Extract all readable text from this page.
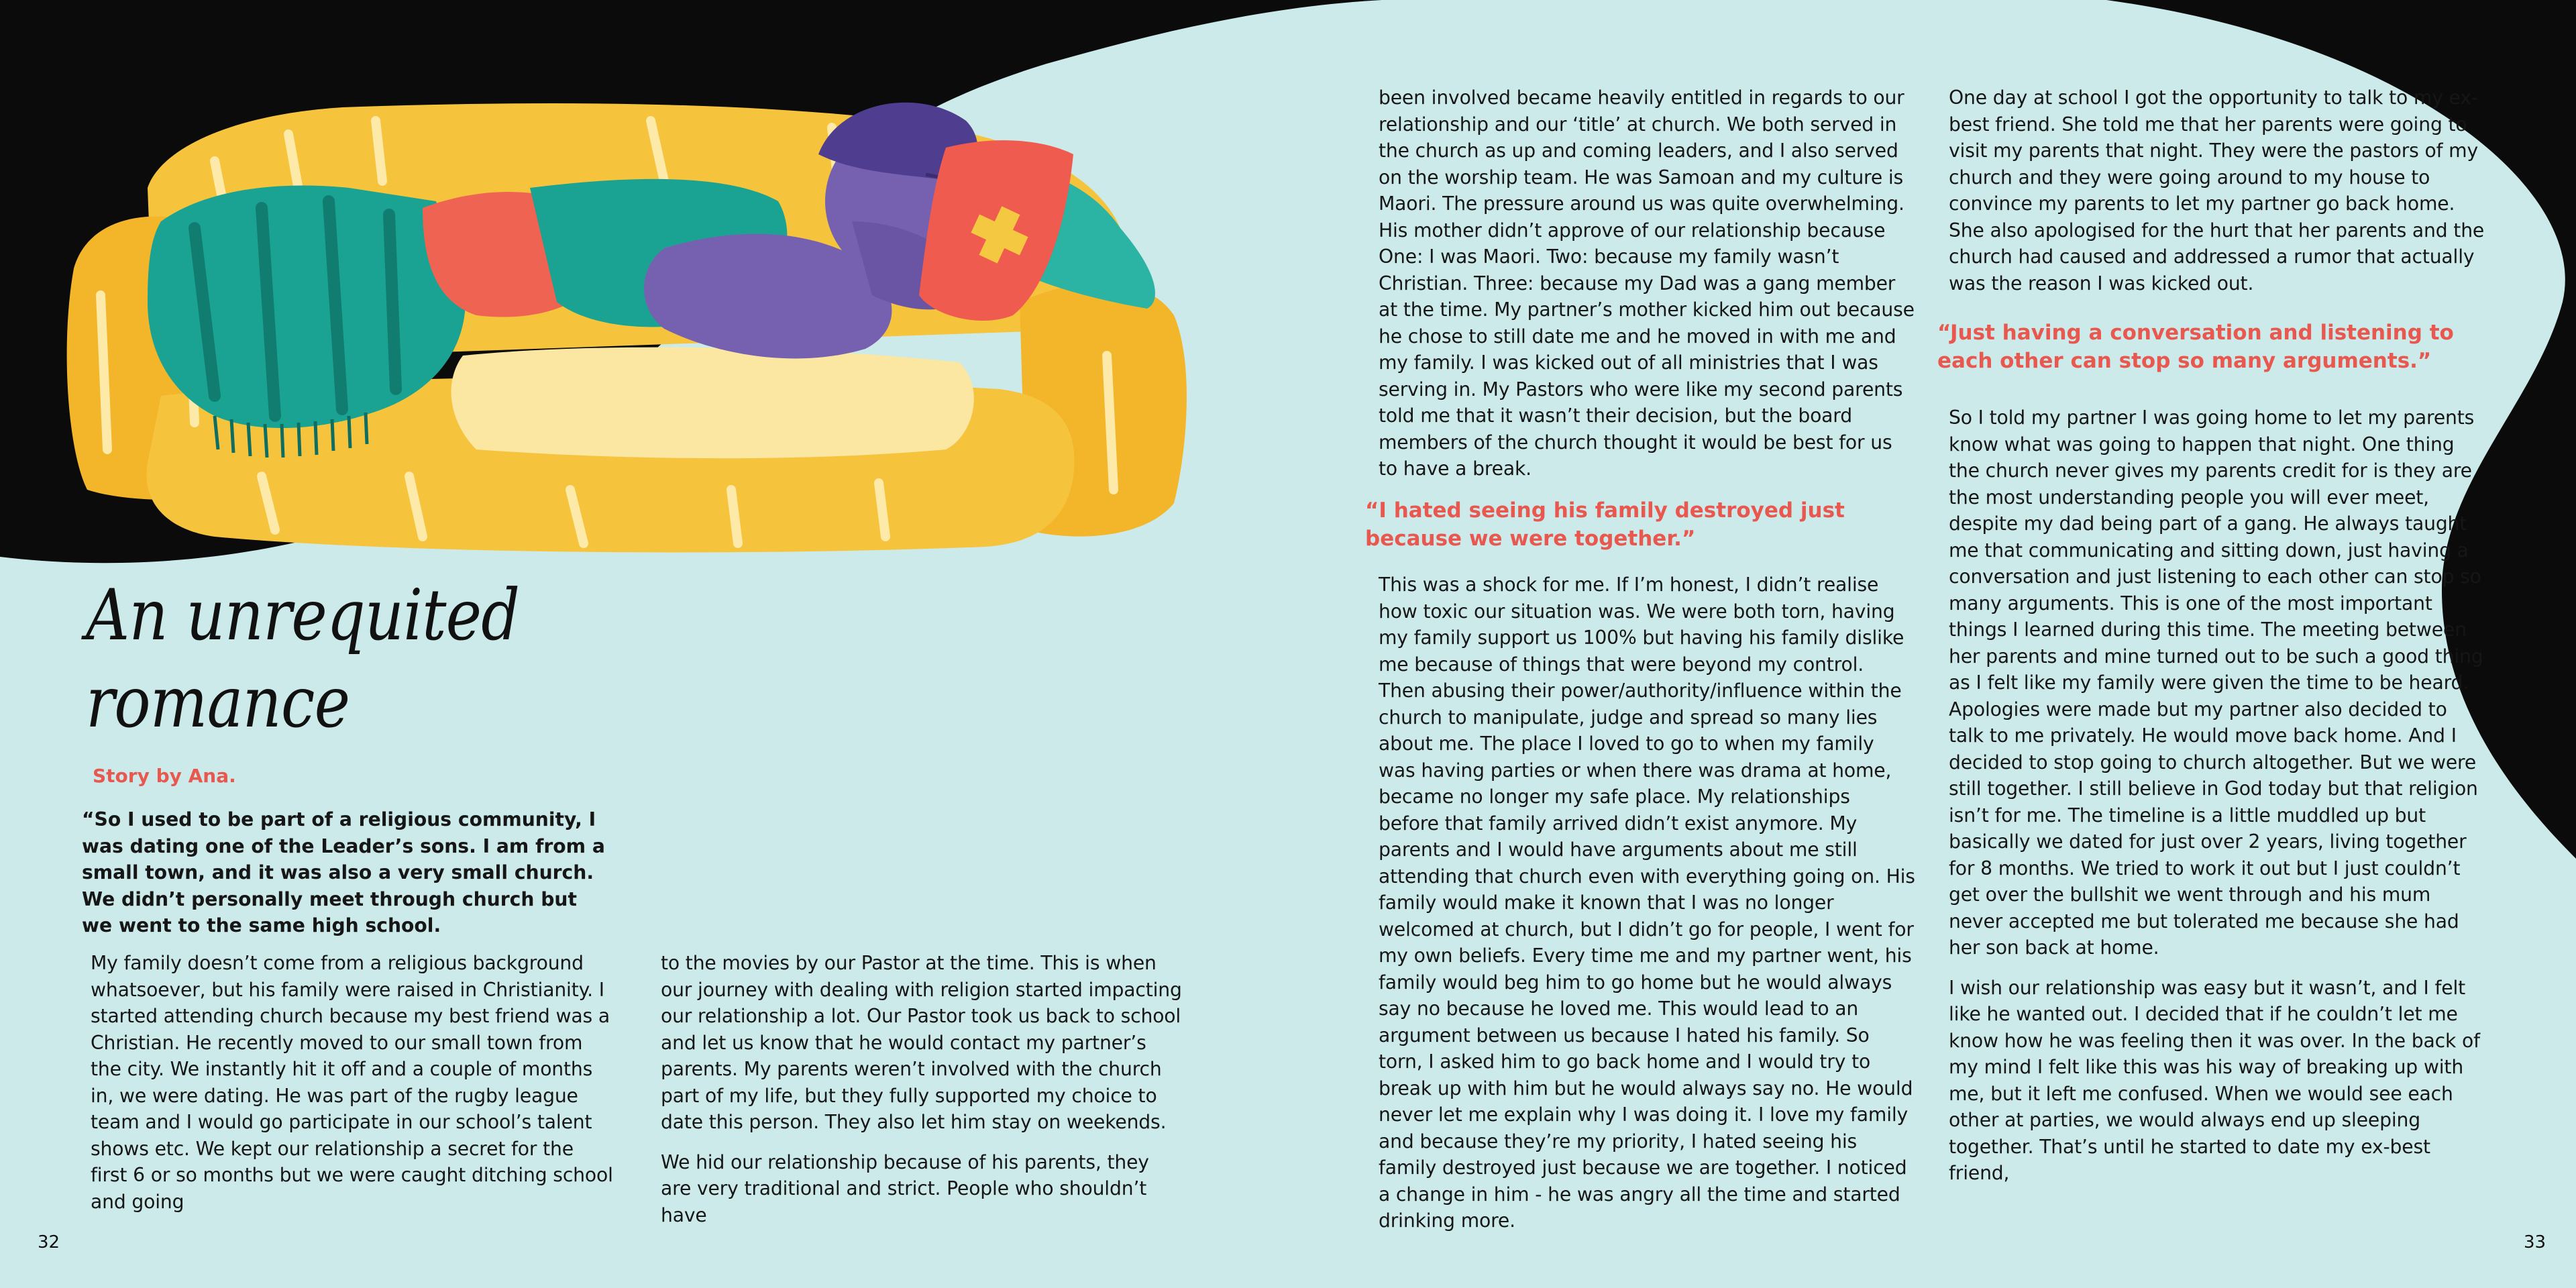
An unrequited
romance

Story by Ana.

“So I used to be part of a religious community, I was dating one of the Leader’s sons. I am from a small town, and it was also a very small church. We didn’t personally meet through church but we went to the same high school.

My family doesn’t come from a religious background whatsoever, but his family were raised in Christianity. I started attending church because my best friend was a Christian. He recently moved to our small town from the city. We instantly hit it off and a couple of months in, we were dating. He was part of the rugby league team and I would go participate in our school’s talent shows etc. We kept our relationship a secret for the first 6 or so months but we were caught ditching school and going

to the movies by our Pastor at the time. This is when our journey with dealing with religion started impacting our relationship a lot. Our Pastor took us back to school and let us know that he would contact my partner’s parents. My parents weren’t involved with the church part of my life, but they fully supported my choice to date this person. They also let him stay on weekends.

We hid our relationship because of his parents, they are very traditional and strict. People who shouldn’t have

been involved became heavily entitled in regards to our relationship and our ‘title’ at church. We both served in the church as up and coming leaders, and I also served on the worship team. He was Samoan and my culture is Maori. The pressure around us was quite overwhelming. His mother didn’t approve of our relationship because One: I was Maori. Two: because my family wasn’t Christian. Three: because my Dad was a gang member at the time. My partner’s mother kicked him out because he chose to still date me and he moved in with me and my family. I was kicked out of all ministries that I was serving in. My Pastors who were like my second parents told me that it wasn’t their decision, but the board members of the church thought it would be best for us to have a break.

“I hated seeing his family destroyed just because we were together.”

This was a shock for me. If I’m honest, I didn’t realise how toxic our situation was. We were both torn, having my family support us 100% but having his family dislike me because of things that were beyond my control. Then abusing their power/authority/influence within the church to manipulate, judge and spread so many lies about me. The place I loved to go to when my family was having parties or when there was drama at home, became no longer my safe place. My relationships before that family arrived didn’t exist anymore. My parents and I would have arguments about me still attending that church even with everything going on. His family would make it known that I was no longer welcomed at church, but I didn’t go for people, I went for my own beliefs. Every time me and my partner went, his family would beg him to go home but he would always say no because he loved me. This would lead to an argument between us because I hated his family. So torn, I asked him to go back home and I would try to break up with him but he would always say no. He would never let me explain why I was doing it. I love my family and because they’re my priority, I hated seeing his family destroyed just because we are together. I noticed a change in him - he was angry all the time and started drinking more.

One day at school I got the opportunity to talk to my ex-best friend. She told me that her parents were going to visit my parents that night. They were the pastors of my church and they were going around to my house to convince my parents to let my partner go back home. She also apologised for the hurt that her parents and the church had caused and addressed a rumor that actually was the reason I was kicked out.

“Just having a conversation and listening to each other can stop so many arguments.”

So I told my partner I was going home to let my parents know what was going to happen that night. One thing the church never gives my parents credit for is they are the most understanding people you will ever meet, despite my dad being part of a gang. He always taught me that communicating and sitting down, just having a conversation and just listening to each other can stop so many arguments. This is one of the most important things I learned during this time. The meeting between her parents and mine turned out to be such a good thing as I felt like my family were given the time to be heard. Apologies were made but my partner also decided to talk to me privately. He would move back home. And I decided to stop going to church altogether. But we were still together. I still believe in God today but that religion isn’t for me. The timeline is a little muddled up but basically we dated for just over 2 years, living together for 8 months. We tried to work it out but I just couldn’t get over the bullshit we went through and his mum never accepted me but tolerated me because she had her son back at home.

I wish our relationship was easy but it wasn’t, and I felt like he wanted out. I decided that if he couldn’t let me know how he was feeling then it was over. In the back of my mind I felt like this was his way of breaking up with me, but it left me confused. When we would see each other at parties, we would always end up sleeping together. That’s until he started to date my ex-best friend,

32	33
